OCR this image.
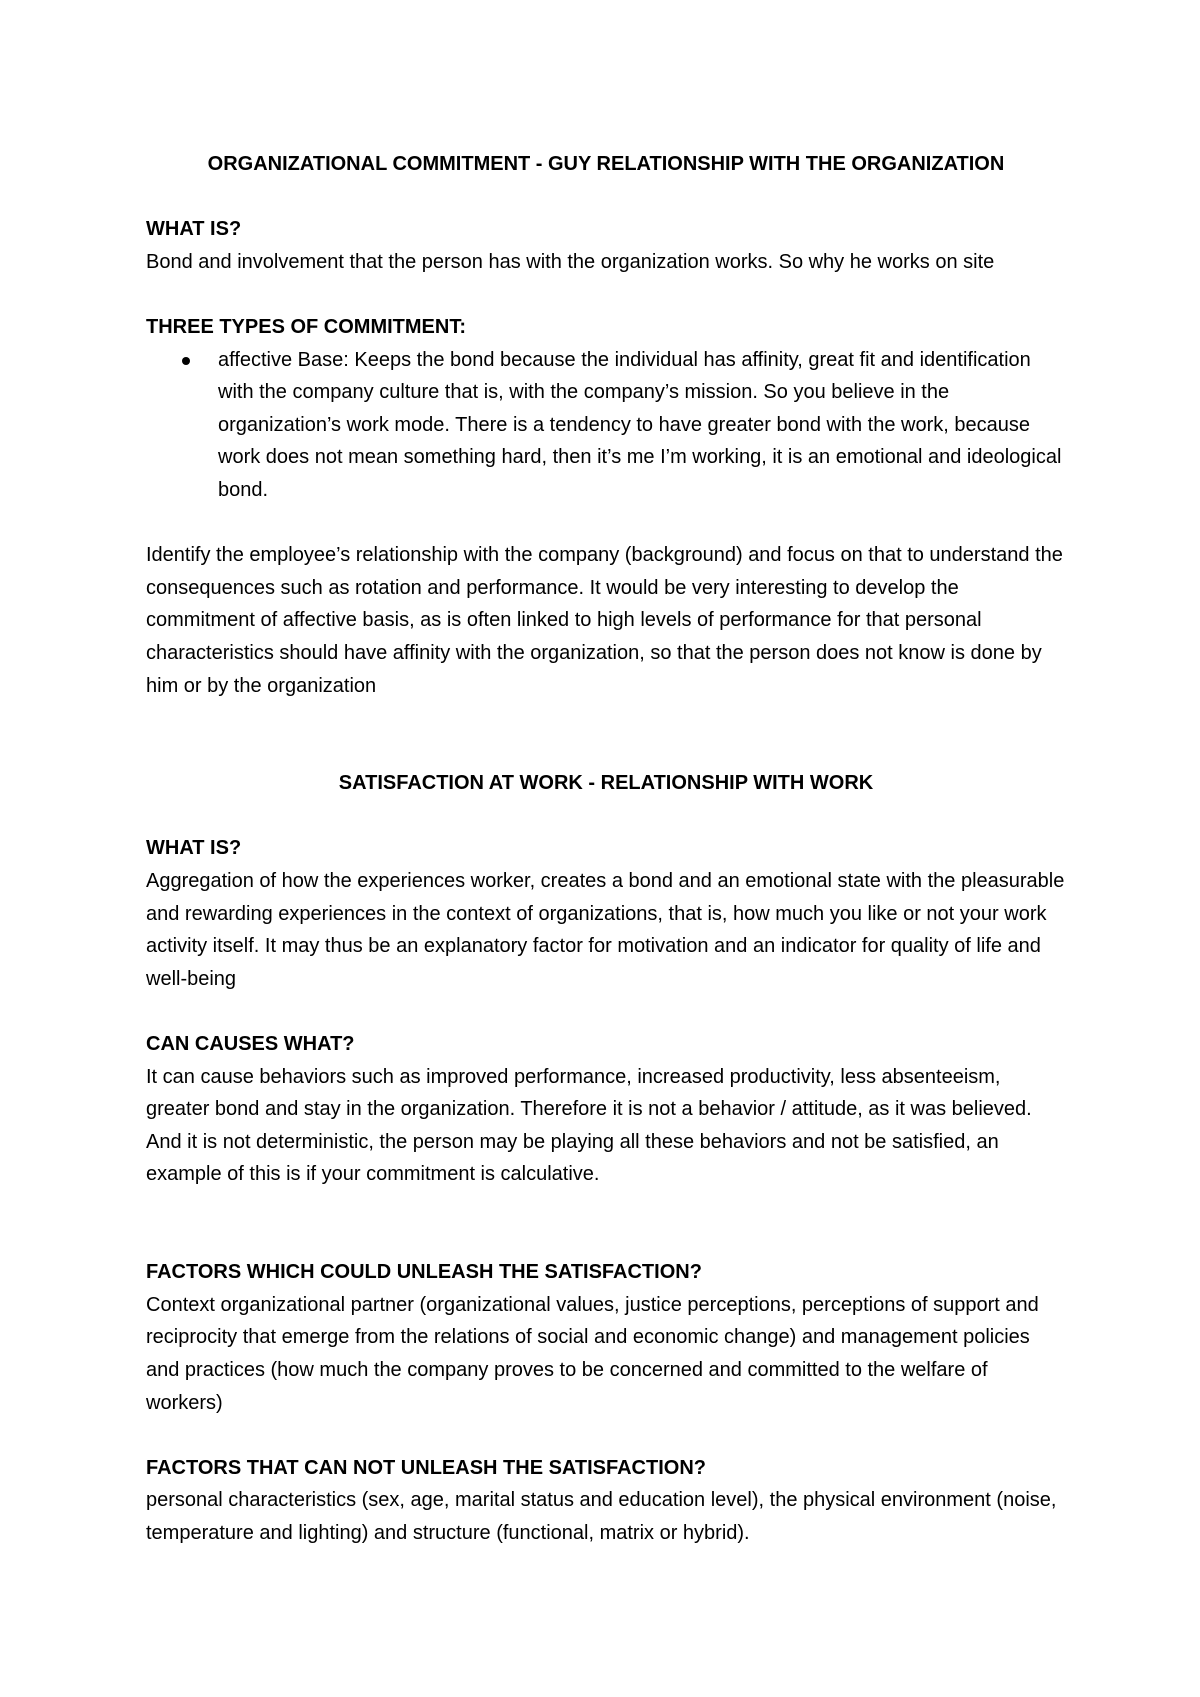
ORGANIZATIONAL COMMITMENT - GUY RELATIONSHIP WITH THE ORGANIZATION

WHAT IS?

Bond and involvement that the person has with the organization works. So why he works on site

THREE TYPES OF COMMITMENT:

affective Base: Keeps the bond because the individual has affinity, great fit and identification with the company culture that is, with the company’s mission. So you believe in the organization’s work mode. There is a tendency to have greater bond with the work, because work does not mean something hard, then it’s me I’m working, it is an emotional and ideological bond.

Identify the employee’s relationship with the company (background) and focus on that to understand the consequences such as rotation and performance. It would be very interesting to develop the commitment of affective basis, as is often linked to high levels of performance for that personal characteristics should have affinity with the organization, so that the person does not know is done by him or by the organization

SATISFACTION AT WORK - RELATIONSHIP WITH WORK

WHAT IS?

Aggregation of how the experiences worker, creates a bond and an emotional state with the pleasurable and rewarding experiences in the context of organizations, that is, how much you like or not your work activity itself. It may thus be an explanatory factor for motivation and an indicator for quality of life and well-being

CAN CAUSES WHAT?

It can cause behaviors such as improved performance, increased productivity, less absenteeism, greater bond and stay in the organization. Therefore it is not a behavior / attitude, as it was believed. And it is not deterministic, the person may be playing all these behaviors and not be satisfied, an example of this is if your commitment is calculative.

FACTORS WHICH COULD UNLEASH THE SATISFACTION?

Context organizational partner (organizational values, justice perceptions, perceptions of support and reciprocity that emerge from the relations of social and economic change) and management policies and practices (how much the company proves to be concerned and committed to the welfare of workers)

FACTORS THAT CAN NOT UNLEASH THE SATISFACTION?

personal characteristics (sex, age, marital status and education level), the physical environment (noise, temperature and lighting) and structure (functional, matrix or hybrid).
